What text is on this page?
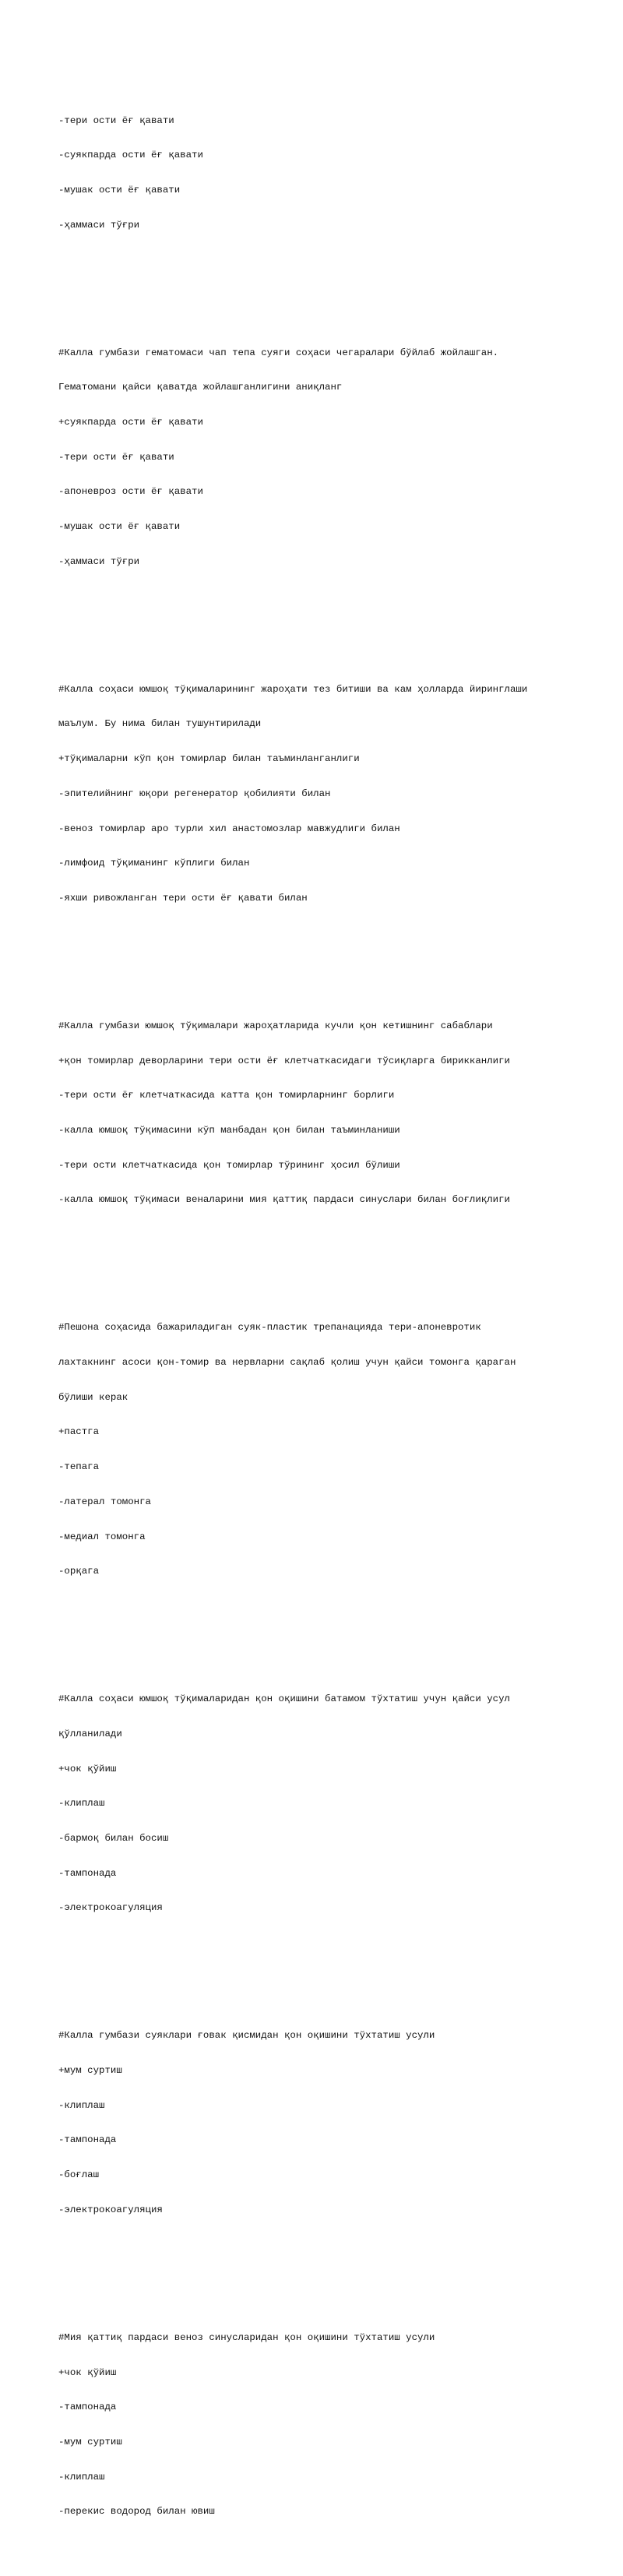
-тери ости ёғ қавати

-суякпарда ости ёғ қавати

-мушак ости ёғ қавати

-ҳаммаси тўғри

#Калла гумбази гематомаси чап тепа суяги соҳаси чегаралари бўйлаб жойлашган.

Гематомани қайси қаватда жойлашганлигини аниқланг

+суякпарда ости ёғ қавати

-тери ости ёғ қавати

-апоневроз ости ёғ қавати

-мушак ости ёғ қавати

-ҳаммаси тўғри

#Калла соҳаси юмшоқ тўқималарининг жароҳати тез битиши ва кам ҳолларда йиринглаши

маълум. Бу нима билан тушунтирилади

+тўқималарни кўп қон томирлар билан таъминланганлиги

-эпителийнинг юқори регенератор қобилияти билан

-веноз томирлар аро турли хил анастомозлар мавжудлиги билан

-лимфоид тўқиманинг кўплиги билан

-яхши ривожланган тери ости ёғ қавати билан

#Калла гумбази юмшоқ тўқималари жароҳатларида кучли қон кетишнинг сабаблари

+қон томирлар деворларини тери ости ёғ клетчаткасидаги тўсиқларга бирикканлиги

-тери ости ёғ клетчаткасида катта қон томирларнинг борлиги

-калла юмшоқ тўқимасини кўп манбадан қон билан таъминланиши

-тери ости клетчаткасида қон томирлар тўрининг ҳосил бўлиши

-калла юмшоқ тўқимаси веналарини мия қаттиқ пардаси синуслари билан боғлиқлиги

#Пешона соҳасида бажариладиган суяк-пластик трепанацияда тери-апоневротик

лахтакнинг асоси қон-томир ва нервларни сақлаб қолиш учун қайси томонга қараган

бўлиши керак

+пастга

-тепага

-латерал томонга

-медиал томонга

-орқага

#Калла соҳаси юмшоқ тўқималаридан қон оқишини батамом тўхтатиш учун қайси усул

қўлланилади

+чок қўйиш

-клиплаш

-бармоқ билан босиш

-тампонада

-электрокоагуляция

#Калла гумбази суяклари ғовак қисмидан қон оқишини тўхтатиш усули

+мум суртиш

-клиплаш

-тампонада

-боғлаш

-электрокоагуляция

#Мия қаттиқ пардаси веноз синусларидан қон оқишини тўхтатиш усули

+чок қўйиш

-тампонада

-мум суртиш

-клиплаш

-перекис водород билан ювиш
